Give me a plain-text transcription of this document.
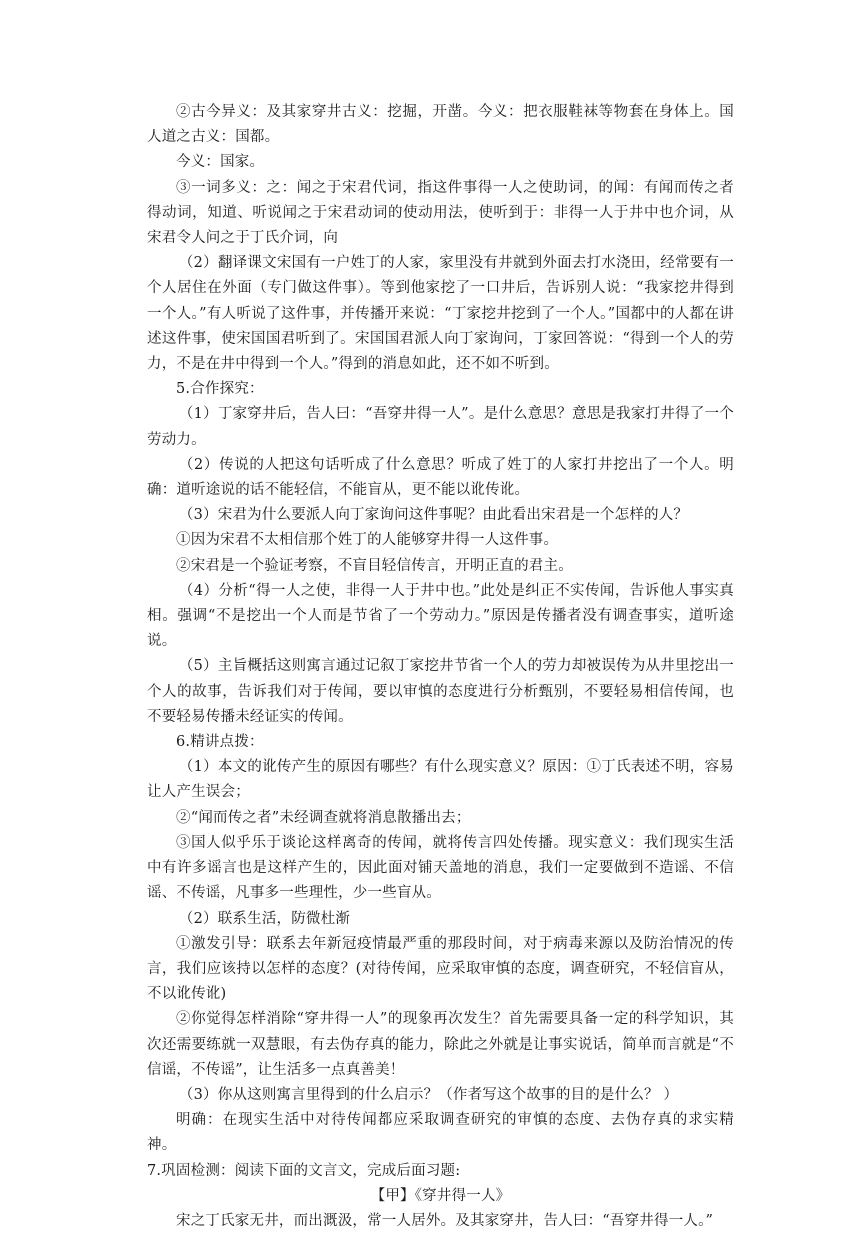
②古今异义：及其家穿井古义：挖掘，开凿。今义：把衣服鞋袜等物套在身体上。国人道之古义：国都。

今义：国家。

③一词多义：之：闻之于宋君代词，指这件事得一人之使助词，的闻：有闻而传之者得动词，知道、听说闻之于宋君动词的使动用法，使听到于：非得一人于井中也介词，从宋君令人问之于丁氏介词，向

（2）翻译课文宋国有一户姓丁的人家，家里没有井就到外面去打水浇田，经常要有一个人居住在外面（专门做这件事）。等到他家挖了一口井后，告诉别人说：“我家挖井得到一个人。”有人听说了这件事，并传播开来说：“丁家挖井挖到了一个人。”国都中的人都在讲述这件事，使宋国国君听到了。宋国国君派人向丁家询问，丁家回答说：“得到一个人的劳力，不是在井中得到一个人。”得到的消息如此，还不如不听到。

5.合作探究：

（1）丁家穿井后，告人曰：“吾穿井得一人”。是什么意思？意思是我家打井得了一个劳动力。

（2）传说的人把这句话听成了什么意思？听成了姓丁的人家打井挖出了一个人。明确：道听途说的话不能轻信，不能盲从，更不能以讹传讹。

（3）宋君为什么要派人向丁家询问这件事呢？由此看出宋君是一个怎样的人？

①因为宋君不太相信那个姓丁的人能够穿井得一人这件事。

②宋君是一个验证考察，不盲目轻信传言，开明正直的君主。

（4）分析“得一人之使，非得一人于井中也。”此处是纠正不实传闻，告诉他人事实真相。强调“不是挖出一个人而是节省了一个劳动力。”原因是传播者没有调查事实，道听途说。

（5）主旨概括这则寓言通过记叙丁家挖井节省一个人的劳力却被误传为从井里挖出一个人的故事，告诉我们对于传闻，要以审慎的态度进行分析甄别，不要轻易相信传闻，也不要轻易传播未经证实的传闻。

6.精讲点拨：

（1）本文的讹传产生的原因有哪些？有什么现实意义？原因：①丁氏表述不明，容易让人产生误会；

②“闻而传之者”未经调查就将消息散播出去；

③国人似乎乐于谈论这样离奇的传闻，就将传言四处传播。现实意义：我们现实生活中有许多谣言也是这样产生的，因此面对铺天盖地的消息，我们一定要做到不造谣、不信谣、不传谣，凡事多一些理性，少一些盲从。

（2）联系生活，防微杜渐

①激发引导：联系去年新冠疫情最严重的那段时间，对于病毒来源以及防治情况的传言，我们应该持以怎样的态度？(对待传闻，应采取审慎的态度，调查研究，不轻信盲从，不以讹传讹)

②你觉得怎样消除“穿井得一人”的现象再次发生？首先需要具备一定的科学知识，其次还需要练就一双慧眼，有去伪存真的能力，除此之外就是让事实说话，简单而言就是“不信谣，不传谣”，让生活多一点真善美！

（3）你从这则寓言里得到的什么启示？（作者写这个故事的目的是什么？ ）

明确：在现实生活中对待传闻都应采取调查研究的审慎的态度、去伪存真的求实精神。

7.巩固检测：阅读下面的文言文，完成后面习题:

【甲】《穿井得一人》

宋之丁氏家无井，而出溉汲，常一人居外。及其家穿井，告人曰：“吾穿井得一人。”
